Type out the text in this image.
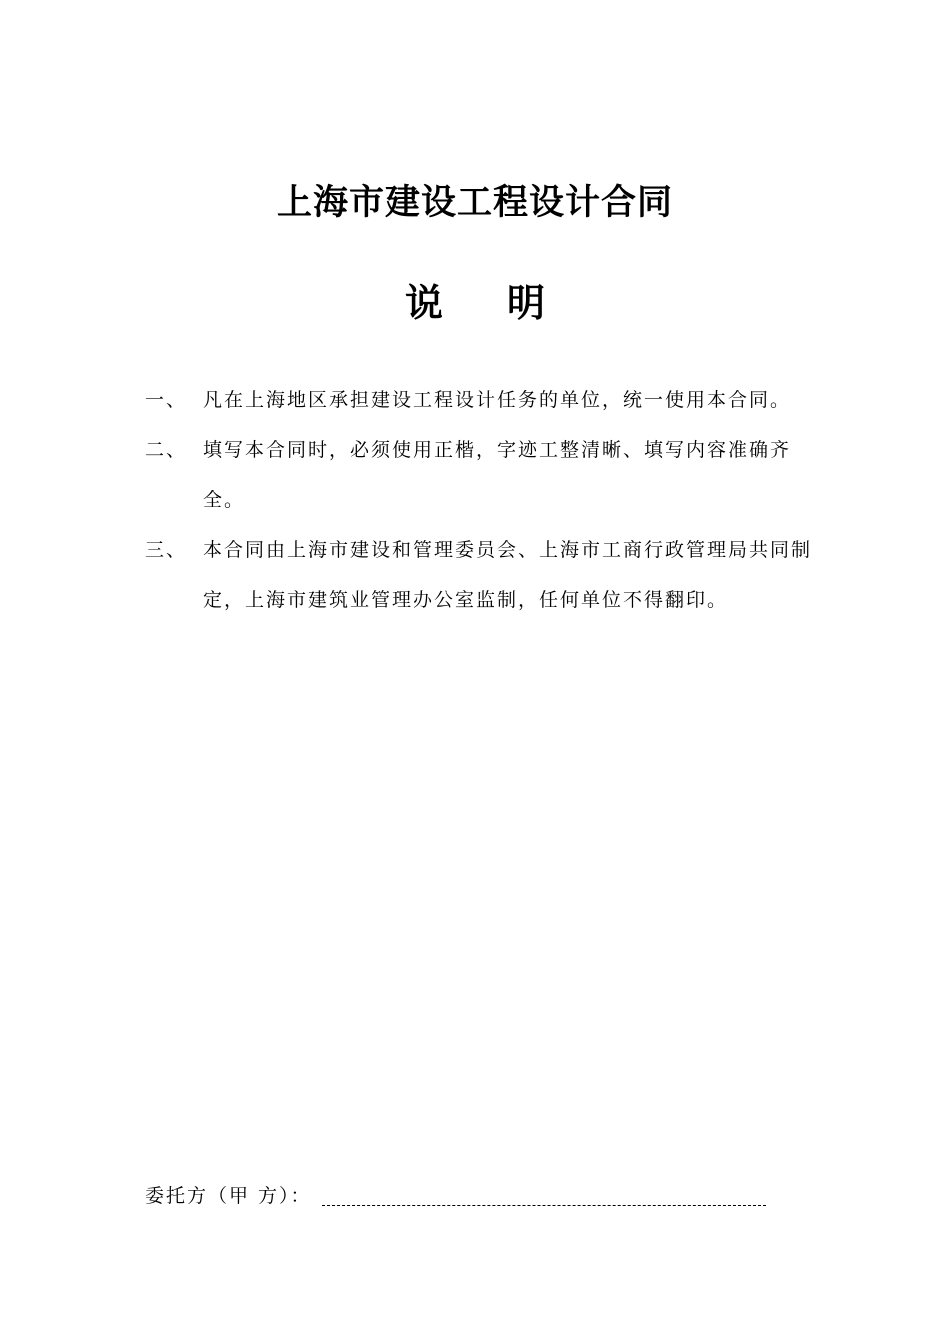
上海市建设工程设计合同
说 明
一、 凡在上海地区承担建设工程设计任务的单位，统一使用本合同。
二、 填写本合同时，必须使用正楷，字迹工整清晰、填写内容准确齐全。
三、 本合同由上海市建设和管理委员会、上海市工商行政管理局共同制定，上海市建筑业管理办公室监制，任何单位不得翻印。
委托方（甲 方）：
